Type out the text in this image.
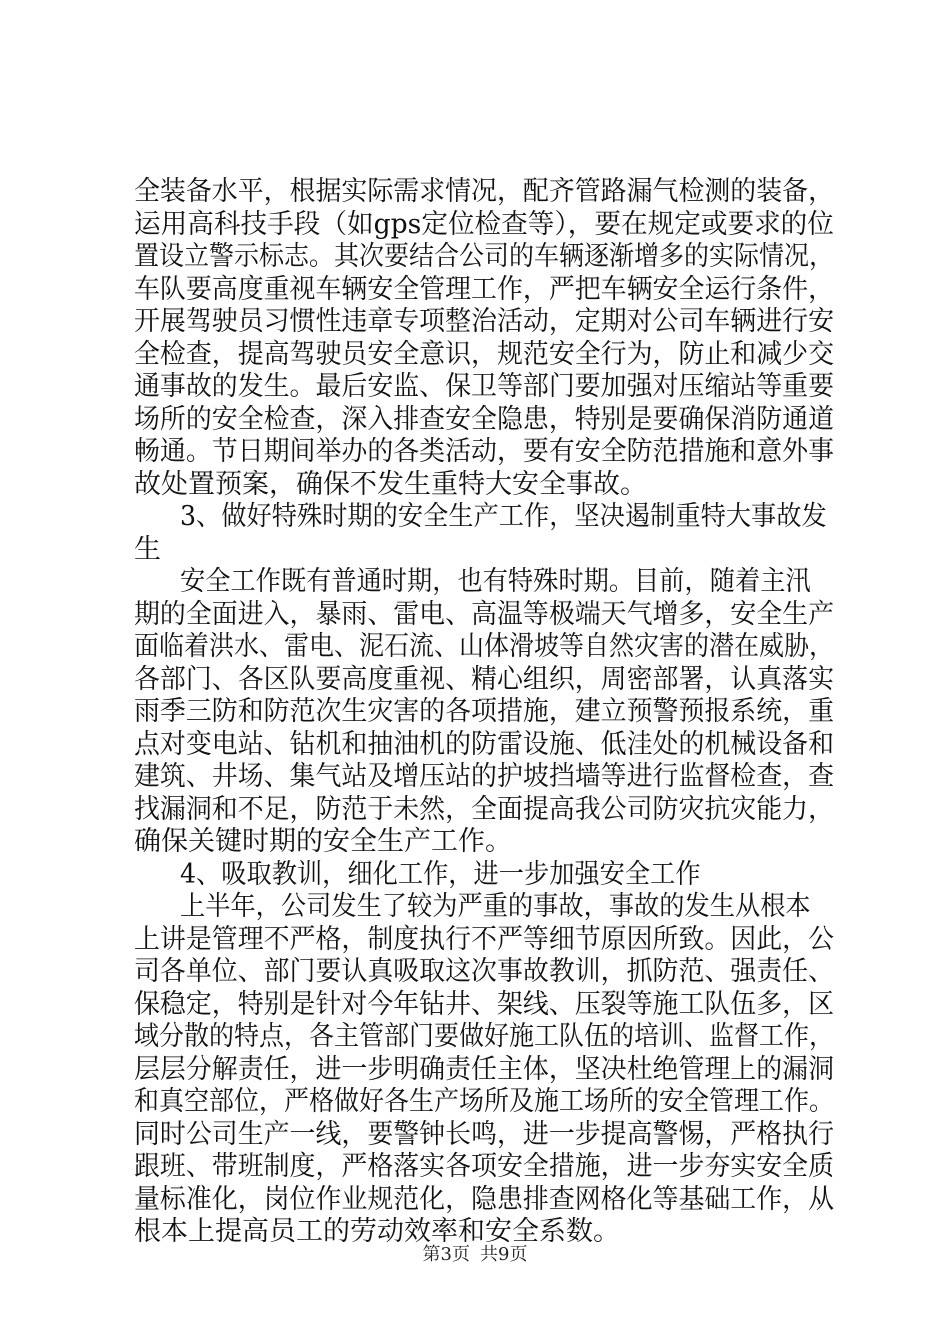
全装备水平，根据实际需求情况，配齐管路漏气检测的装备，
运用高科技手段（如gps定位检查等），要在规定或要求的位
置设立警示标志。其次要结合公司的车辆逐渐增多的实际情况，
车队要高度重视车辆安全管理工作，严把车辆安全运行条件，
开展驾驶员习惯性违章专项整治活动，定期对公司车辆进行安
全检查，提高驾驶员安全意识，规范安全行为，防止和减少交
通事故的发生。最后安监、保卫等部门要加强对压缩站等重要
场所的安全检查，深入排查安全隐患，特别是要确保消防通道
畅通。节日期间举办的各类活动，要有安全防范措施和意外事
故处置预案，确保不发生重特大安全事故。
3、做好特殊时期的安全生产工作，坚决遏制重特大事故发
生
安全工作既有普通时期，也有特殊时期。目前，随着主汛
期的全面进入，暴雨、雷电、高温等极端天气增多，安全生产
面临着洪水、雷电、泥石流、山体滑坡等自然灾害的潜在威胁，
各部门、各区队要高度重视、精心组织，周密部署，认真落实
雨季三防和防范次生灾害的各项措施，建立预警预报系统，重
点对变电站、钻机和抽油机的防雷设施、低洼处的机械设备和
建筑、井场、集气站及增压站的护坡挡墙等进行监督检查，查
找漏洞和不足，防范于未然，全面提高我公司防灾抗灾能力，
确保关键时期的安全生产工作。
4、吸取教训，细化工作，进一步加强安全工作
上半年，公司发生了较为严重的事故，事故的发生从根本
上讲是管理不严格，制度执行不严等细节原因所致。因此，公
司各单位、部门要认真吸取这次事故教训，抓防范、强责任、
保稳定，特别是针对今年钻井、架线、压裂等施工队伍多，区
域分散的特点，各主管部门要做好施工队伍的培训、监督工作，
层层分解责任，进一步明确责任主体，坚决杜绝管理上的漏洞
和真空部位，严格做好各生产场所及施工场所的安全管理工作。
同时公司生产一线，要警钟长鸣，进一步提高警惕，严格执行
跟班、带班制度，严格落实各项安全措施，进一步夯实安全质
量标准化，岗位作业规范化，隐患排查网格化等基础工作，从
根本上提高员工的劳动效率和安全系数。
第3页 共9页
